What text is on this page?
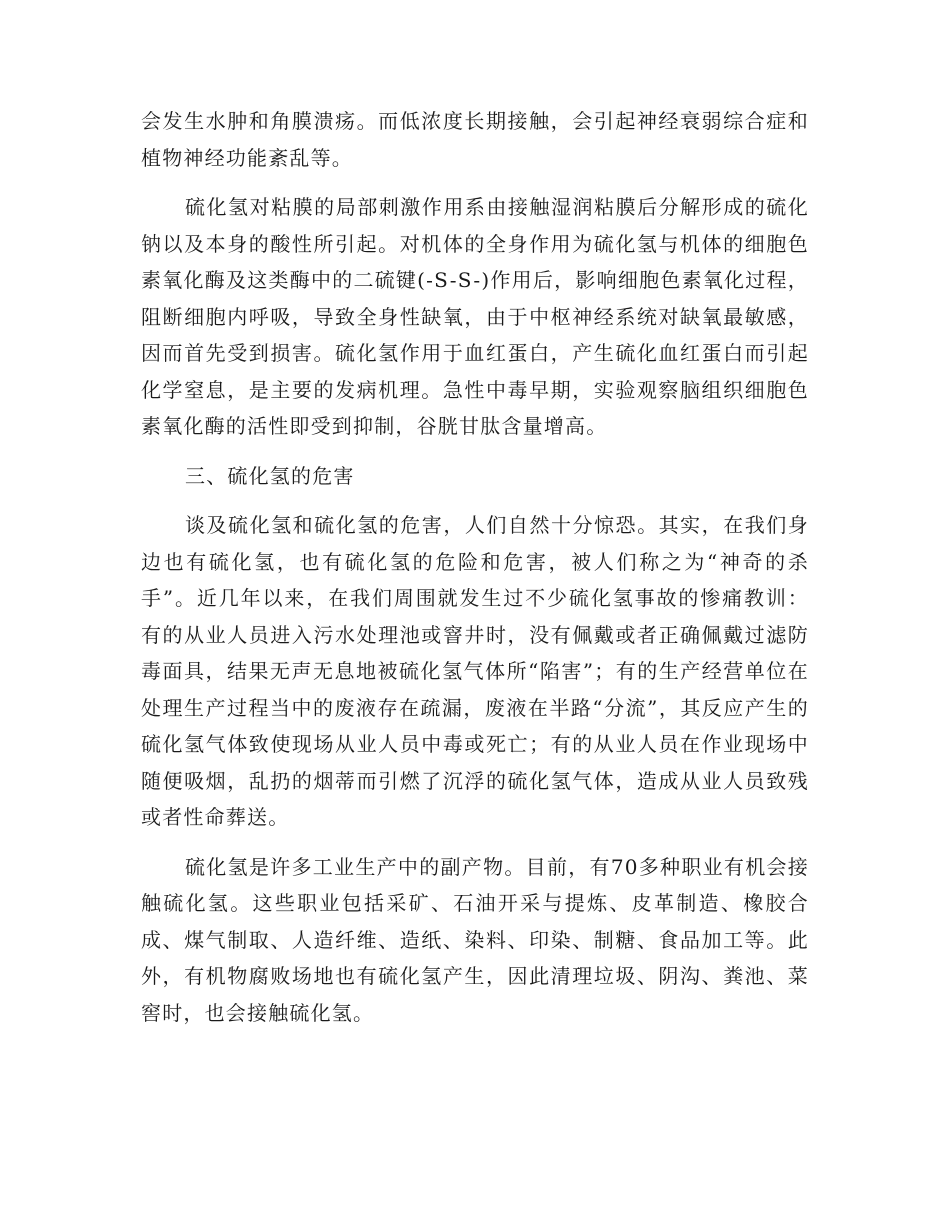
会发生水肿和角膜溃疡。而低浓度长期接触，会引起神经衰弱综合症和植物神经功能紊乱等。

硫化氢对粘膜的局部刺激作用系由接触湿润粘膜后分解形成的硫化钠以及本身的酸性所引起。对机体的全身作用为硫化氢与机体的细胞色素氧化酶及这类酶中的二硫键(-S-S-)作用后，影响细胞色素氧化过程，阻断细胞内呼吸，导致全身性缺氧，由于中枢神经系统对缺氧最敏感，因而首先受到损害。硫化氢作用于血红蛋白，产生硫化血红蛋白而引起化学窒息，是主要的发病机理。急性中毒早期，实验观察脑组织细胞色素氧化酶的活性即受到抑制，谷胱甘肽含量增高。

三、硫化氢的危害

谈及硫化氢和硫化氢的危害，人们自然十分惊恐。其实，在我们身边也有硫化氢，也有硫化氢的危险和危害，被人们称之为“神奇的杀手”。近几年以来，在我们周围就发生过不少硫化氢事故的惨痛教训：有的从业人员进入污水处理池或窨井时，没有佩戴或者正确佩戴过滤防毒面具，结果无声无息地被硫化氢气体所“陷害”；有的生产经营单位在处理生产过程当中的废液存在疏漏，废液在半路“分流”，其反应产生的硫化氢气体致使现场从业人员中毒或死亡；有的从业人员在作业现场中随便吸烟，乱扔的烟蒂而引燃了沉浮的硫化氢气体，造成从业人员致残或者性命葬送。

硫化氢是许多工业生产中的副产物。目前，有70多种职业有机会接触硫化氢。这些职业包括采矿、石油开采与提炼、皮革制造、橡胶合成、煤气制取、人造纤维、造纸、染料、印染、制糖、食品加工等。此外，有机物腐败场地也有硫化氢产生，因此清理垃圾、阴沟、粪池、菜窖时，也会接触硫化氢。
